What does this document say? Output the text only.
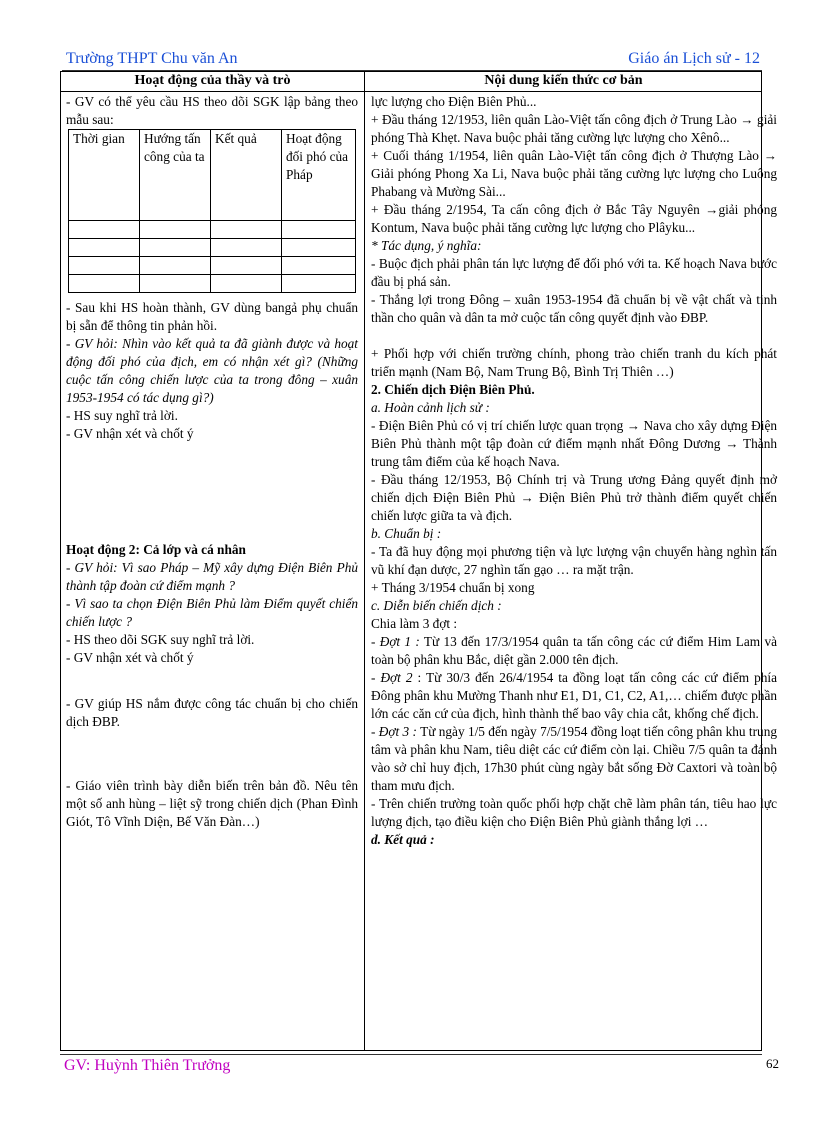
Trường THPT Chu văn An	Giáo án Lịch sử - 12
Hoạt động của thầy và trò	Nội dung kiến thức cơ bản

- GV có thể yêu cầu HS theo dõi SGK lập bảng theo mẫu sau:

Thời gian	Hướng tấn công của ta	Kết quả	Hoạt động đối phó của Pháp

- Sau khi HS hoàn thành, GV dùng bangả phụ chuẩn bị sẵn để thông tin phản hồi.

- GV hỏi: Nhìn vào kết quả ta đã giành được và hoạt động đối phó của địch, em có nhận xét gì? (Những cuộc tấn công chiến lược của ta trong đông – xuân 1953-1954 có tác dụng gì?)

- HS suy nghĩ trả lời.

- GV nhận xét và chốt ý

Hoạt động 2: Cả lớp và cá nhân

- GV hỏi: Vì sao Pháp – Mỹ xây dựng Điện Biên Phủ thành tập đoàn cứ điểm mạnh ?

- Vì sao ta chọn Điện Biên Phủ làm Điểm quyết chiến chiến lược ?

- HS theo dõi SGK suy nghĩ trả lời.

- GV nhận xét và chốt ý

- GV giúp HS nắm được công tác chuẩn bị cho chiến dịch ĐBP.

- Giáo viên trình bày diễn biến trên bản đồ. Nêu tên một số anh hùng – liệt sỹ trong chiến dịch (Phan Đình Giót, Tô Vĩnh Diện, Bế Văn Đàn…)

lực lượng cho Điện Biên Phủ...

+ Đầu tháng 12/1953, liên quân Lào-Việt tấn công địch ở Trung Lào → giải phóng Thà Khẹt. Nava buộc phải tăng cường lực lượng cho Xênô...

+ Cuối tháng 1/1954, liên quân Lào-Việt tấn công địch ở Thượng Lào → Giải phóng Phong Xa Li, Nava buộc phải tăng cường lực lượng cho Luông Phabang và Mường Sài...

+ Đầu tháng 2/1954, Ta cấn công địch ở Bắc Tây Nguyên →giải phóng Kontum, Nava buộc phải tăng cường lực lượng cho Plâyku...

* Tác dụng, ý nghĩa:

- Buộc địch phải phân tán lực lượng để đối phó với ta. Kế hoạch Nava bước đầu bị phá sản.

- Thắng lợi trong Đông – xuân 1953-1954 đã chuẩn bị về vật chất và tinh thần cho quân và dân ta mở cuộc tấn công quyết định vào ĐBP.

+ Phối hợp với chiến trường chính, phong trào chiến tranh du kích phát triển mạnh (Nam Bộ, Nam Trung Bộ, Bình Trị Thiên …)

2. Chiến dịch Điện Biên Phủ.

a. Hoàn cảnh lịch sử :

- Điện Biên Phủ có vị trí chiến lược quan trọng → Nava cho xây dựng Điện Biên Phủ thành một tập đoàn cứ điểm mạnh nhất Đông Dương → Thành trung tâm điểm của kế hoạch Nava.

- Đầu tháng 12/1953, Bộ Chính trị và Trung ương Đảng quyết định mở chiến dịch Điện Biên Phủ → Điện Biên Phủ trở thành điểm quyết chiến chiến lược giữa ta và địch.

b. Chuẩn bị :

- Ta đã huy động mọi phương tiện và lực lượng vận chuyển hàng nghìn tấn vũ khí đạn dược, 27 nghìn tấn gạo … ra mặt trận.

+ Tháng 3/1954 chuẩn bị xong

c. Diễn biến chiến dịch :

Chia làm 3 đợt :

- Đợt 1 : Từ 13 đến 17/3/1954 quân ta tấn công các cứ điểm Him Lam và toàn bộ phân khu Bắc, diệt gần 2.000 tên địch.

- Đợt 2 : Từ 30/3 đến 26/4/1954 ta đồng loạt tấn công các cứ điểm phía Đông phân khu Mường Thanh như E1, D1, C1, C2, A1,… chiếm được phần lớn các căn cứ của địch, hình thành thế bao vây chia cắt, khống chế địch.

- Đợt 3 : Từ ngày 1/5 đến ngày 7/5/1954 đồng loạt tiến công phân khu trung tâm và phân khu Nam, tiêu diệt các cứ điểm còn lại. Chiều 7/5 quân ta đánh vào sở chỉ huy địch, 17h30 phút cùng ngày bắt sống Đờ Caxtori và toàn bộ tham mưu địch.

- Trên chiến trường toàn quốc phối hợp chặt chẽ làm phân tán, tiêu hao lực lượng địch, tạo điều kiện cho Điện Biên Phủ giành thắng lợi …

d. Kết quả :

GV: Huỳnh Thiên Trưởng	62
